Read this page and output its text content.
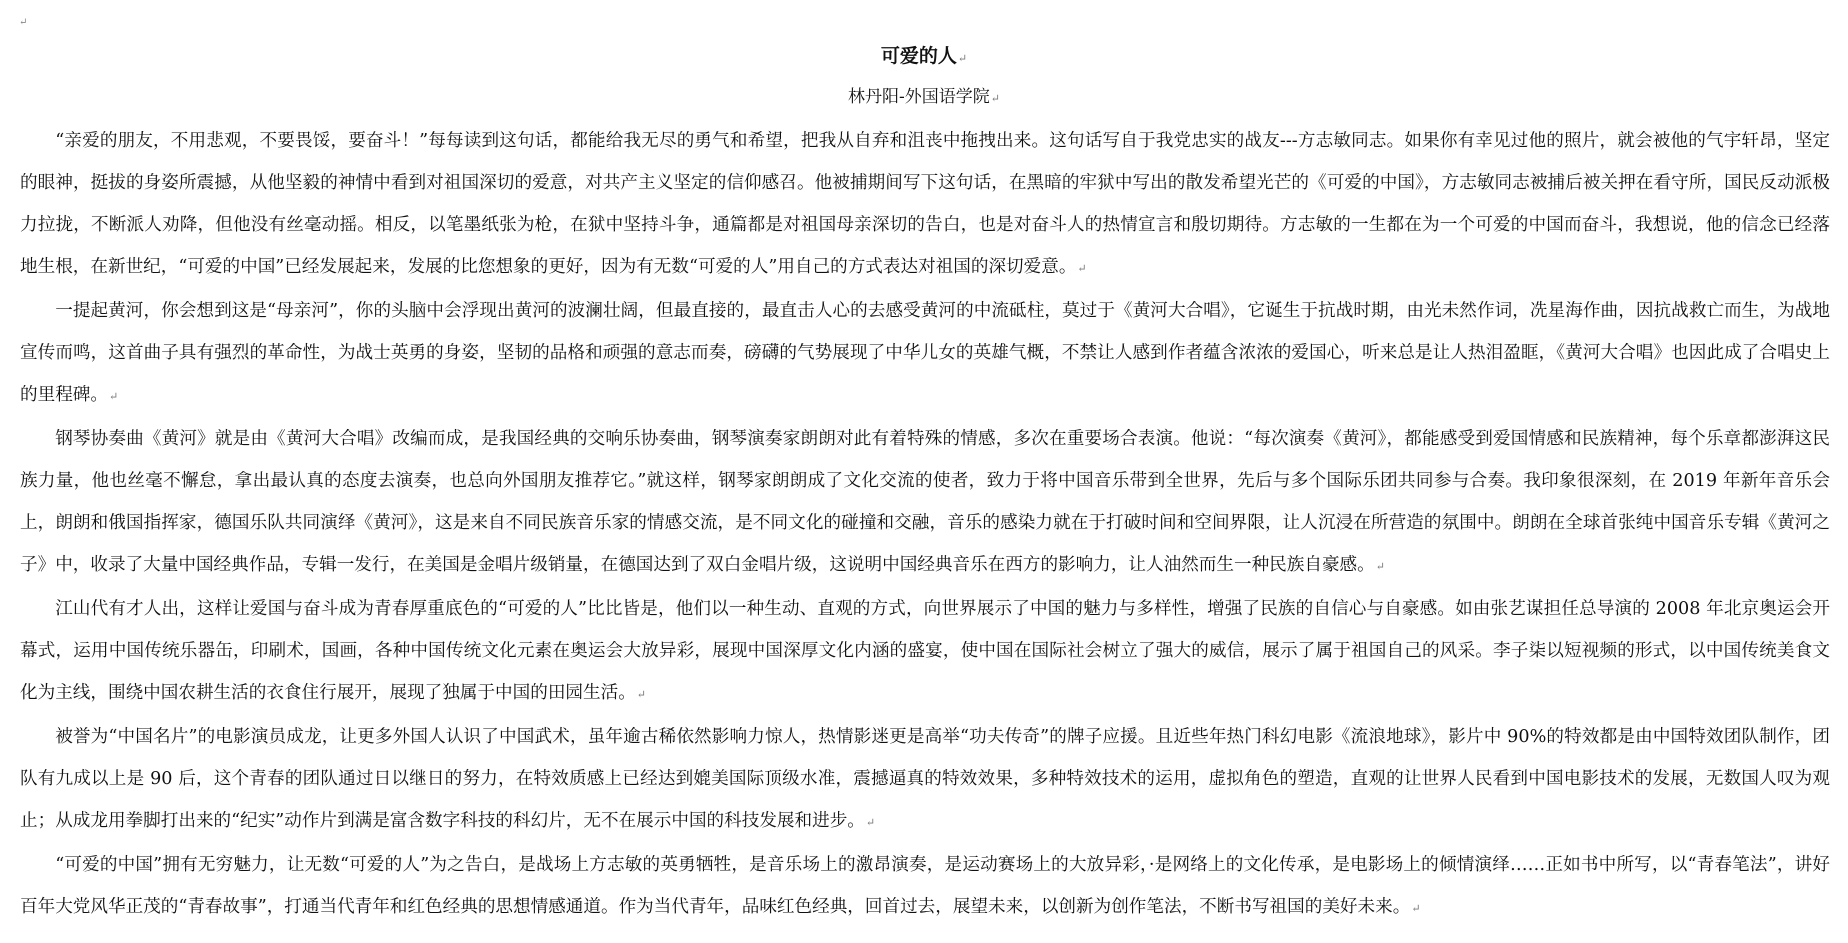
↵
可爱的人↵
林丹阳-外国语学院↵

“亲爱的朋友，不用悲观，不要畏馁，要奋斗！”每每读到这句话，都能给我无尽的勇气和希望，把我从自弃和沮丧中拖拽出来。这句话写自于我党忠实的战友---方志敏同志。如果你有幸见过他的照片，就会被他的气宇轩昂，坚定的眼神，挺拔的身姿所震撼，从他坚毅的神情中看到对祖国深切的爱意，对共产主义坚定的信仰感召。他被捕期间写下这句话，在黑暗的牢狱中写出的散发希望光芒的《可爱的中国》，方志敏同志被捕后被关押在看守所，国民反动派极力拉拢，不断派人劝降，但他没有丝毫动摇。相反，以笔墨纸张为枪，在狱中坚持斗争，通篇都是对祖国母亲深切的告白，也是对奋斗人的热情宣言和殷切期待。方志敏的一生都在为一个可爱的中国而奋斗，我想说，他的信念已经落地生根，在新世纪，“可爱的中国”已经发展起来，发展的比您想象的更好，因为有无数“可爱的人”用自己的方式表达对祖国的深切爱意。↵

一提起黄河，你会想到这是“母亲河”，你的头脑中会浮现出黄河的波澜壮阔，但最直接的，最直击人心的去感受黄河的中流砥柱，莫过于《黄河大合唱》，它诞生于抗战时期，由光未然作词，冼星海作曲，因抗战救亡而生，为战地宣传而鸣，这首曲子具有强烈的革命性，为战士英勇的身姿，坚韧的品格和顽强的意志而奏，磅礴的气势展现了中华儿女的英雄气概，不禁让人感到作者蕴含浓浓的爱国心，听来总是让人热泪盈眶，《黄河大合唱》也因此成了合唱史上的里程碑。↵

钢琴协奏曲《黄河》就是由《黄河大合唱》改编而成，是我国经典的交响乐协奏曲，钢琴演奏家朗朗对此有着特殊的情感，多次在重要场合表演。他说：“每次演奏《黄河》，都能感受到爱国情感和民族精神，每个乐章都澎湃这民族力量，他也丝毫不懈怠，拿出最认真的态度去演奏，也总向外国朋友推荐它。”就这样，钢琴家朗朗成了文化交流的使者，致力于将中国音乐带到全世界，先后与多个国际乐团共同参与合奏。我印象很深刻，在 2019 年新年音乐会上，朗朗和俄国指挥家，德国乐队共同演绎《黄河》，这是来自不同民族音乐家的情感交流，是不同文化的碰撞和交融，音乐的感染力就在于打破时间和空间界限，让人沉浸在所营造的氛围中。朗朗在全球首张纯中国音乐专辑《黄河之子》中，收录了大量中国经典作品，专辑一发行，在美国是金唱片级销量，在德国达到了双白金唱片级，这说明中国经典音乐在西方的影响力，让人油然而生一种民族自豪感。↵

江山代有才人出，这样让爱国与奋斗成为青春厚重底色的“可爱的人”比比皆是，他们以一种生动、直观的方式，向世界展示了中国的魅力与多样性，增强了民族的自信心与自豪感。如由张艺谋担任总导演的 2008 年北京奥运会开幕式，运用中国传统乐器缶，印刷术，国画，各种中国传统文化元素在奥运会大放异彩，展现中国深厚文化内涵的盛宴，使中国在国际社会树立了强大的威信，展示了属于祖国自己的风采。李子柒以短视频的形式，以中国传统美食文化为主线，围绕中国农耕生活的衣食住行展开，展现了独属于中国的田园生活。↵

被誉为“中国名片”的电影演员成龙，让更多外国人认识了中国武术，虽年逾古稀依然影响力惊人，热情影迷更是高举“功夫传奇”的牌子应援。且近些年热门科幻电影《流浪地球》，影片中 90%的特效都是由中国特效团队制作，团队有九成以上是 90 后，这个青春的团队通过日以继日的努力，在特效质感上已经达到媲美国际顶级水准，震撼逼真的特效效果，多种特效技术的运用，虚拟角色的塑造，直观的让世界人民看到中国电影技术的发展，无数国人叹为观止；从成龙用拳脚打出来的“纪实”动作片到满是富含数字科技的科幻片，无不在展示中国的科技发展和进步。↵

“可爱的中国”拥有无穷魅力，让无数“可爱的人”为之告白，是战场上方志敏的英勇牺牲，是音乐场上的激昂演奏，是运动赛场上的大放异彩，·是网络上的文化传承，是电影场上的倾情演绎……正如书中所写，以“青春笔法”，讲好百年大党风华正茂的“青春故事”，打通当代青年和红色经典的思想情感通道。作为当代青年，品味红色经典，回首过去，展望未来，以创新为创作笔法，不断书写祖国的美好未来。↵
